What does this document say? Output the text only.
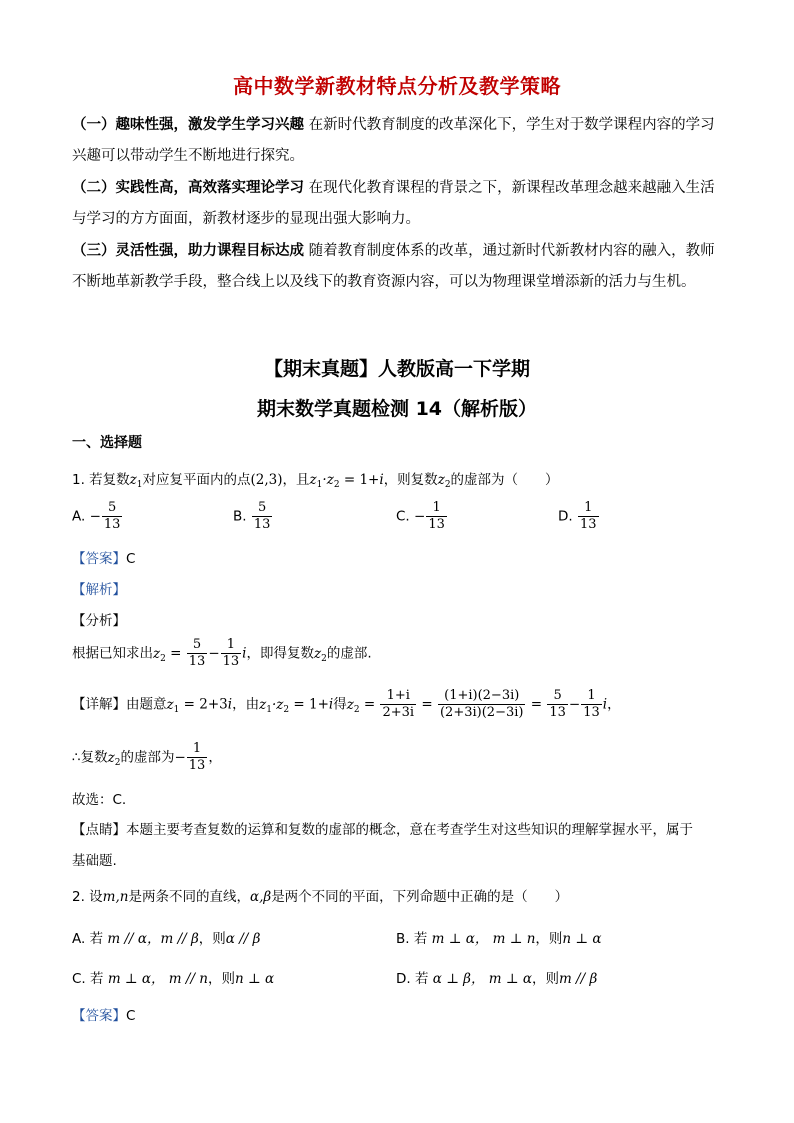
高中数学新教材特点分析及教学策略
（一）趣味性强，激发学生学习兴趣 在新时代教育制度的改革深化下，学生对于数学课程内容的学习兴趣可以带动学生不断地进行探究。
（二）实践性高，高效落实理论学习 在现代化教育课程的背景之下，新课程改革理念越来越融入生活与学习的方方面面，新教材逐步的显现出强大影响力。
（三）灵活性强，助力课程目标达成 随着教育制度体系的改革，通过新时代新教材内容的融入，教师不断地革新教学手段，整合线上以及线下的教育资源内容，可以为物理课堂增添新的活力与生机。
【期末真题】人教版高一下学期
期末数学真题检测 14（解析版）
一、选择题
1. 若复数$z_1$对应复平面内的点(2,3)，且$z_1\cdot z_2 = 1+i$，则复数$z_2$的虚部为（　　）
A. − $\frac{5}{13}$	B. $\frac{5}{13}$	C. − $\frac{1}{13}$	D. $\frac{1}{13}$
【答案】C
【解析】
【分析】
根据已知求出$z_2 = \frac{5}{13} - \frac{1}{13}$ i，即得复数$z_2$的虚部.
【详解】由题意$z_1 = 2+3i$，由$z_1\cdot z_2 = 1+i$得$z_2 = \frac{1+i}{2+3i} = \frac{(1+i)(2-3i)}{(2+3i)(2-3i)} = \frac{5}{13} - \frac{1}{13}$ i，
∴复数$z_2$的虚部为− $\frac{1}{13}$ ，
故选：C.
【点睛】本题主要考查复数的运算和复数的虚部的概念，意在考查学生对这些知识的理解掌握水平，属于
基础题.
2. 设m,n是两条不同的直线，α,β是两个不同的平面，下列命题中正确的是（　　）
A. 若 m // α，m // β，则α // β	B. 若 m ⊥ α， m ⊥ n，则n ⊥ α
C. 若 m ⊥ α， m // n，则n ⊥ α	D. 若 α ⊥ β， m ⊥ α，则m // β
【答案】C
